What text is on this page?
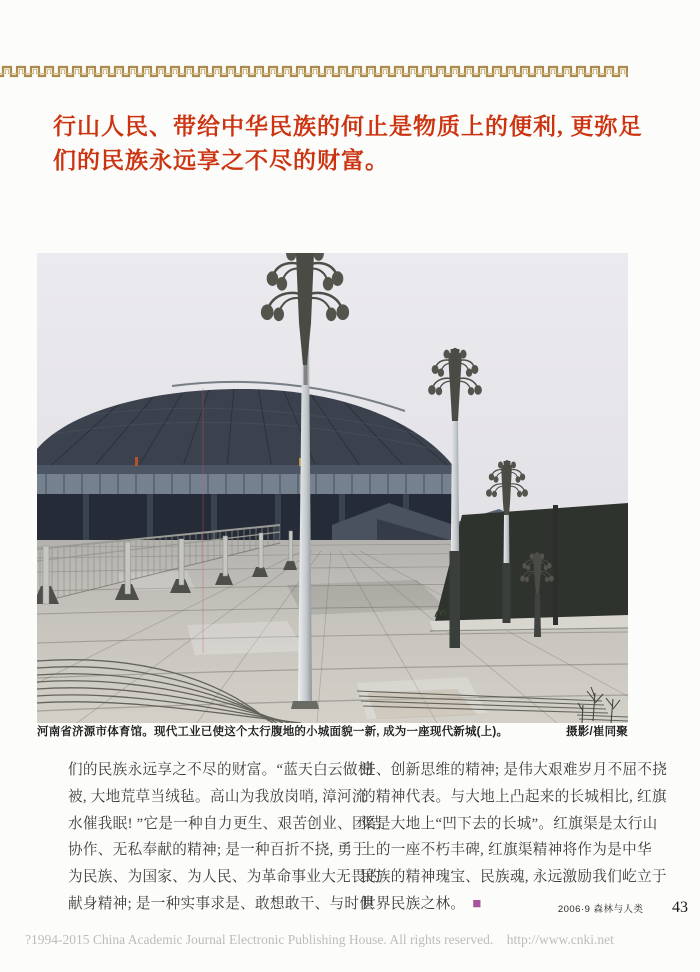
行山人民、带给中华民族的何止是物质上的便利, 更弥足
们的民族永远享之不尽的财富。
河南省济源市体育馆。现代工业已使这个太行腹地的小城面貌一新, 成为一座现代新城(上)。	摄影/崔同聚
们的民族永远享之不尽的财富。“蓝天白云做棉
被, 大地荒草当绒毡。高山为我放岗哨, 漳河流
水催我眠! ”它是一种自力更生、艰苦创业、团结
协作、无私奉献的精神; 是一种百折不挠, 勇于
为民族、为国家、为人民、为革命事业大无畏的
献身精神; 是一种实事求是、敢想敢干、与时俱
进、创新思维的精神; 是伟大艰难岁月不屈不挠
的精神代表。与大地上凸起来的长城相比, 红旗
渠是大地上“凹下去的长城”。红旗渠是太行山
上的一座不朽丰碑, 红旗渠精神将作为是中华
民族的精神瑰宝、民族魂, 永远激励我们屹立于
世界民族之林。 ■	2006·9 森林与人类 43
?1994-2015 China Academic Journal Electronic Publishing House. All rights reserved.    http://www.cnki.net
